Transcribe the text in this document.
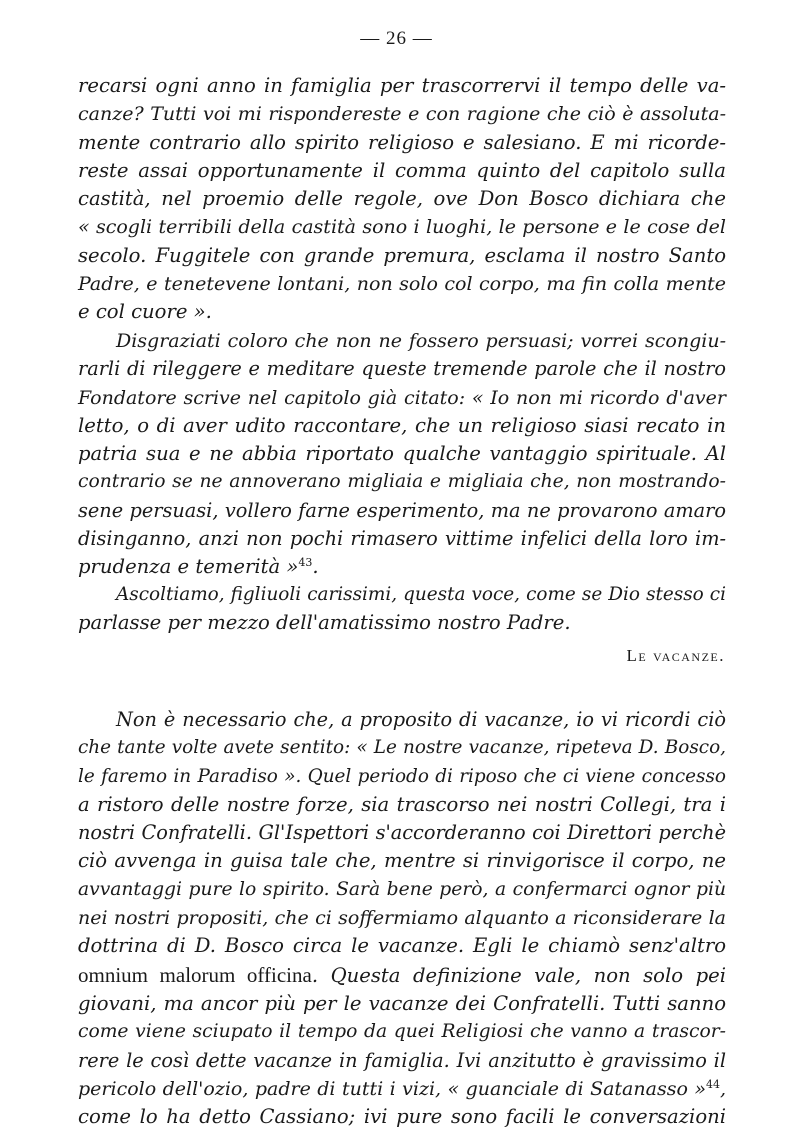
— 26 —
recarsi ogni anno in famiglia per trascorrervi il tempo delle va-
canze? Tutti voi mi rispondereste e con ragione che ciò è assoluta-
mente contrario allo spirito religioso e salesiano. E mi ricorde-
reste assai opportunamente il comma quinto del capitolo sulla
castità, nel proemio delle regole, ove Don Bosco dichiara che
« scogli terribili della castità sono i luoghi, le persone e le cose del
secolo. Fuggitele con grande premura, esclama il nostro Santo
Padre, e tenetevene lontani, non solo col corpo, ma fin colla mente
e col cuore ».
Disgraziati coloro che non ne fossero persuasi; vorrei scongiu-
rarli di rileggere e meditare queste tremende parole che il nostro
Fondatore scrive nel capitolo già citato: « Io non mi ricordo d'aver
letto, o di aver udito raccontare, che un religioso siasi recato in
patria sua e ne abbia riportato qualche vantaggio spirituale. Al
contrario se ne annoverano migliaia e migliaia che, non mostrando-
sene persuasi, vollero farne esperimento, ma ne provarono amaro
disinganno, anzi non pochi rimasero vittime infelici della loro im-
prudenza e temerità »$^{43}$.
Ascoltiamo, figliuoli carissimi, questa voce, come se Dio stesso ci
parlasse per mezzo dell'amatissimo nostro Padre.
Le vacanze.
Non è necessario che, a proposito di vacanze, io vi ricordi ciò
che tante volte avete sentito: « Le nostre vacanze, ripeteva D. Bosco,
le faremo in Paradiso ». Quel periodo di riposo che ci viene concesso
a ristoro delle nostre forze, sia trascorso nei nostri Collegi, tra i
nostri Confratelli. Gl'Ispettori s'accorderanno coi Direttori perchè
ciò avvenga in guisa tale che, mentre si rinvigorisce il corpo, ne
avvantaggi pure lo spirito. Sarà bene però, a confermarci ognor più
nei nostri propositi, che ci soffermiamo alquanto a riconsiderare la
dottrina di D. Bosco circa le vacanze. Egli le chiamò senz'altro
omnium malorum officina. Questa definizione vale, non solo pei
giovani, ma ancor più per le vacanze dei Confratelli. Tutti sanno
come viene sciupato il tempo da quei Religiosi che vanno a trascor-
rere le così dette vacanze in famiglia. Ivi anzitutto è gravissimo il
pericolo dell'ozio, padre di tutti i vizi, « guanciale di Satanasso »$^{44}$,
come lo ha detto Cassiano; ivi pure sono facili le conversazioni
